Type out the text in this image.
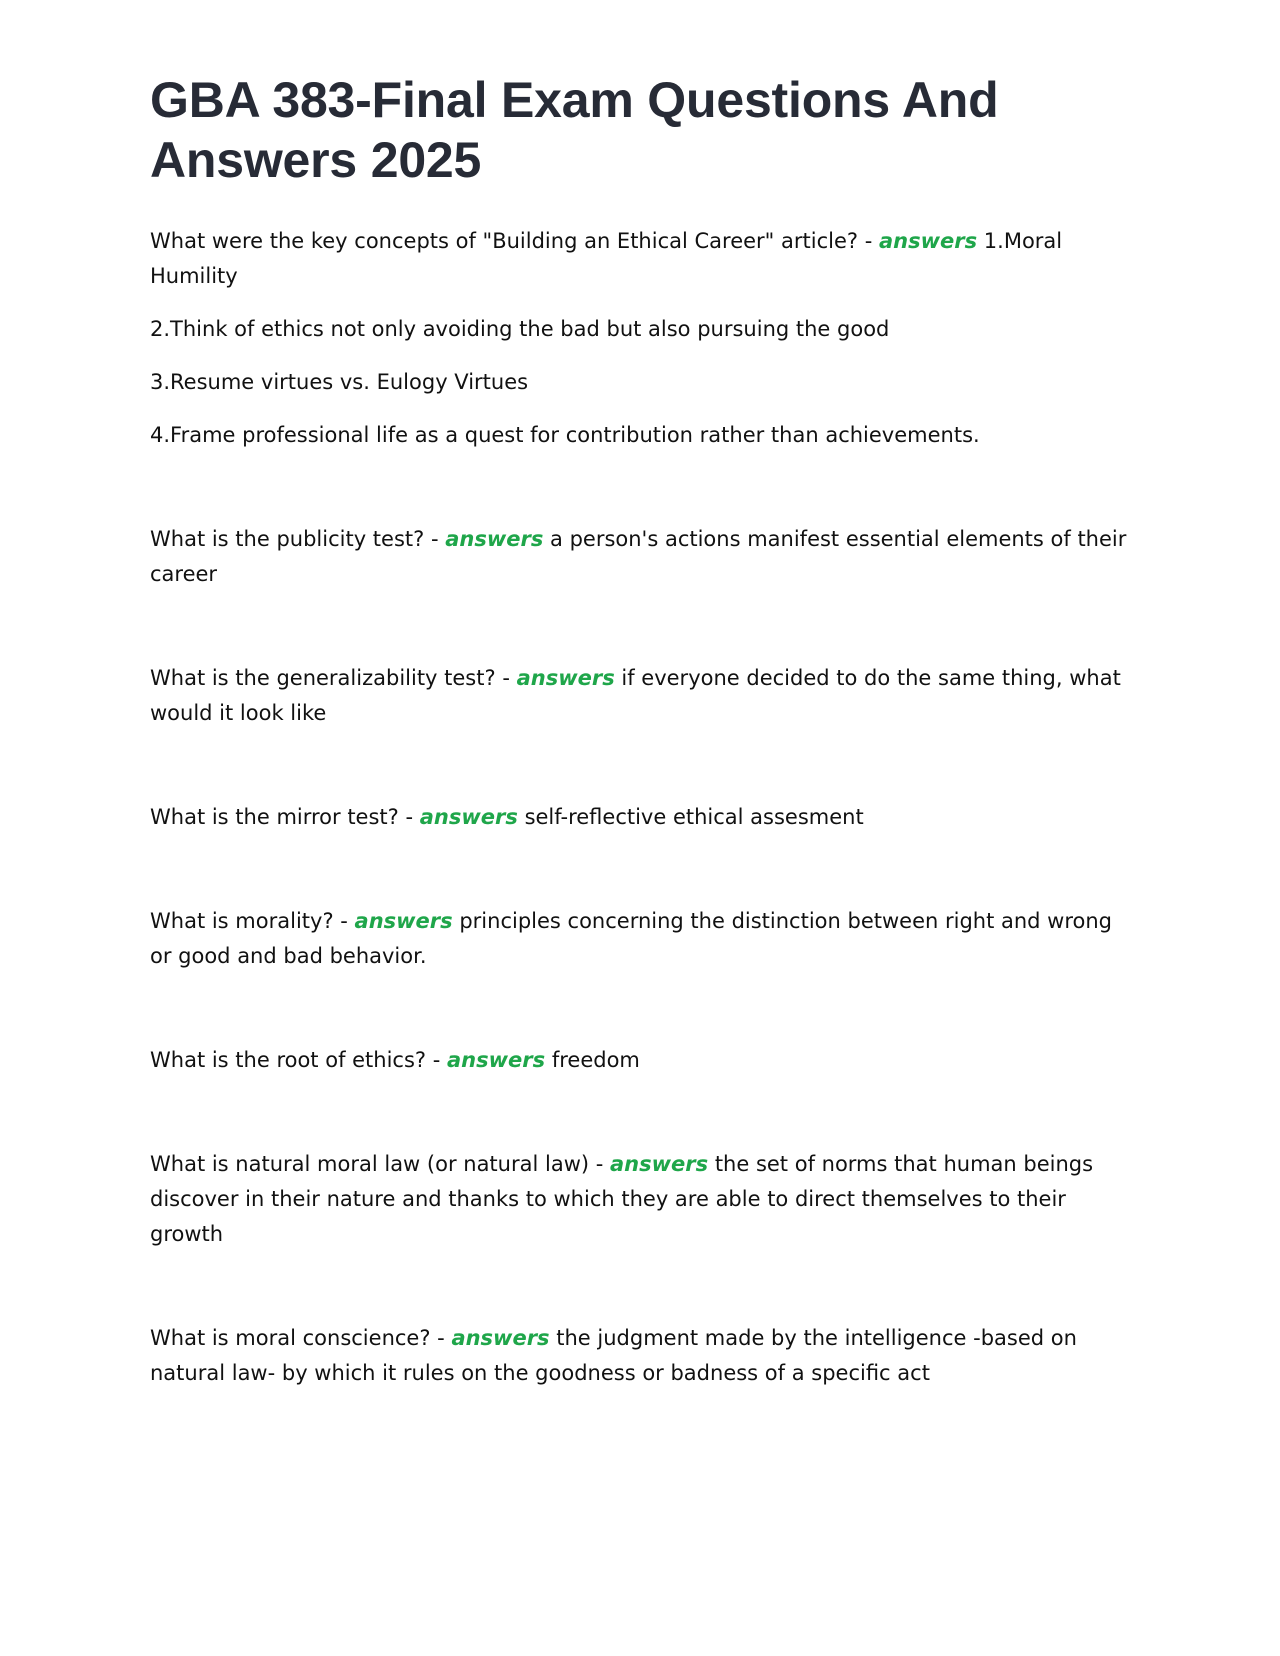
GBA 383-Final Exam Questions And Answers 2025

What were the key concepts of "Building an Ethical Career" article? - answers 1.Moral Humility

2.Think of ethics not only avoiding the bad but also pursuing the good

3.Resume virtues vs. Eulogy Virtues

4.Frame professional life as a quest for contribution rather than achievements.

What is the publicity test? - answers a person's actions manifest essential elements of their career

What is the generalizability test? - answers if everyone decided to do the same thing, what would it look like

What is the mirror test? - answers self-reflective ethical assesment

What is morality? - answers principles concerning the distinction between right and wrong or good and bad behavior.

What is the root of ethics? - answers freedom

What is natural moral law (or natural law) - answers the set of norms that human beings discover in their nature and thanks to which they are able to direct themselves to their growth

What is moral conscience? - answers the judgment made by the intelligence -based on natural law- by which it rules on the goodness or badness of a specific act
